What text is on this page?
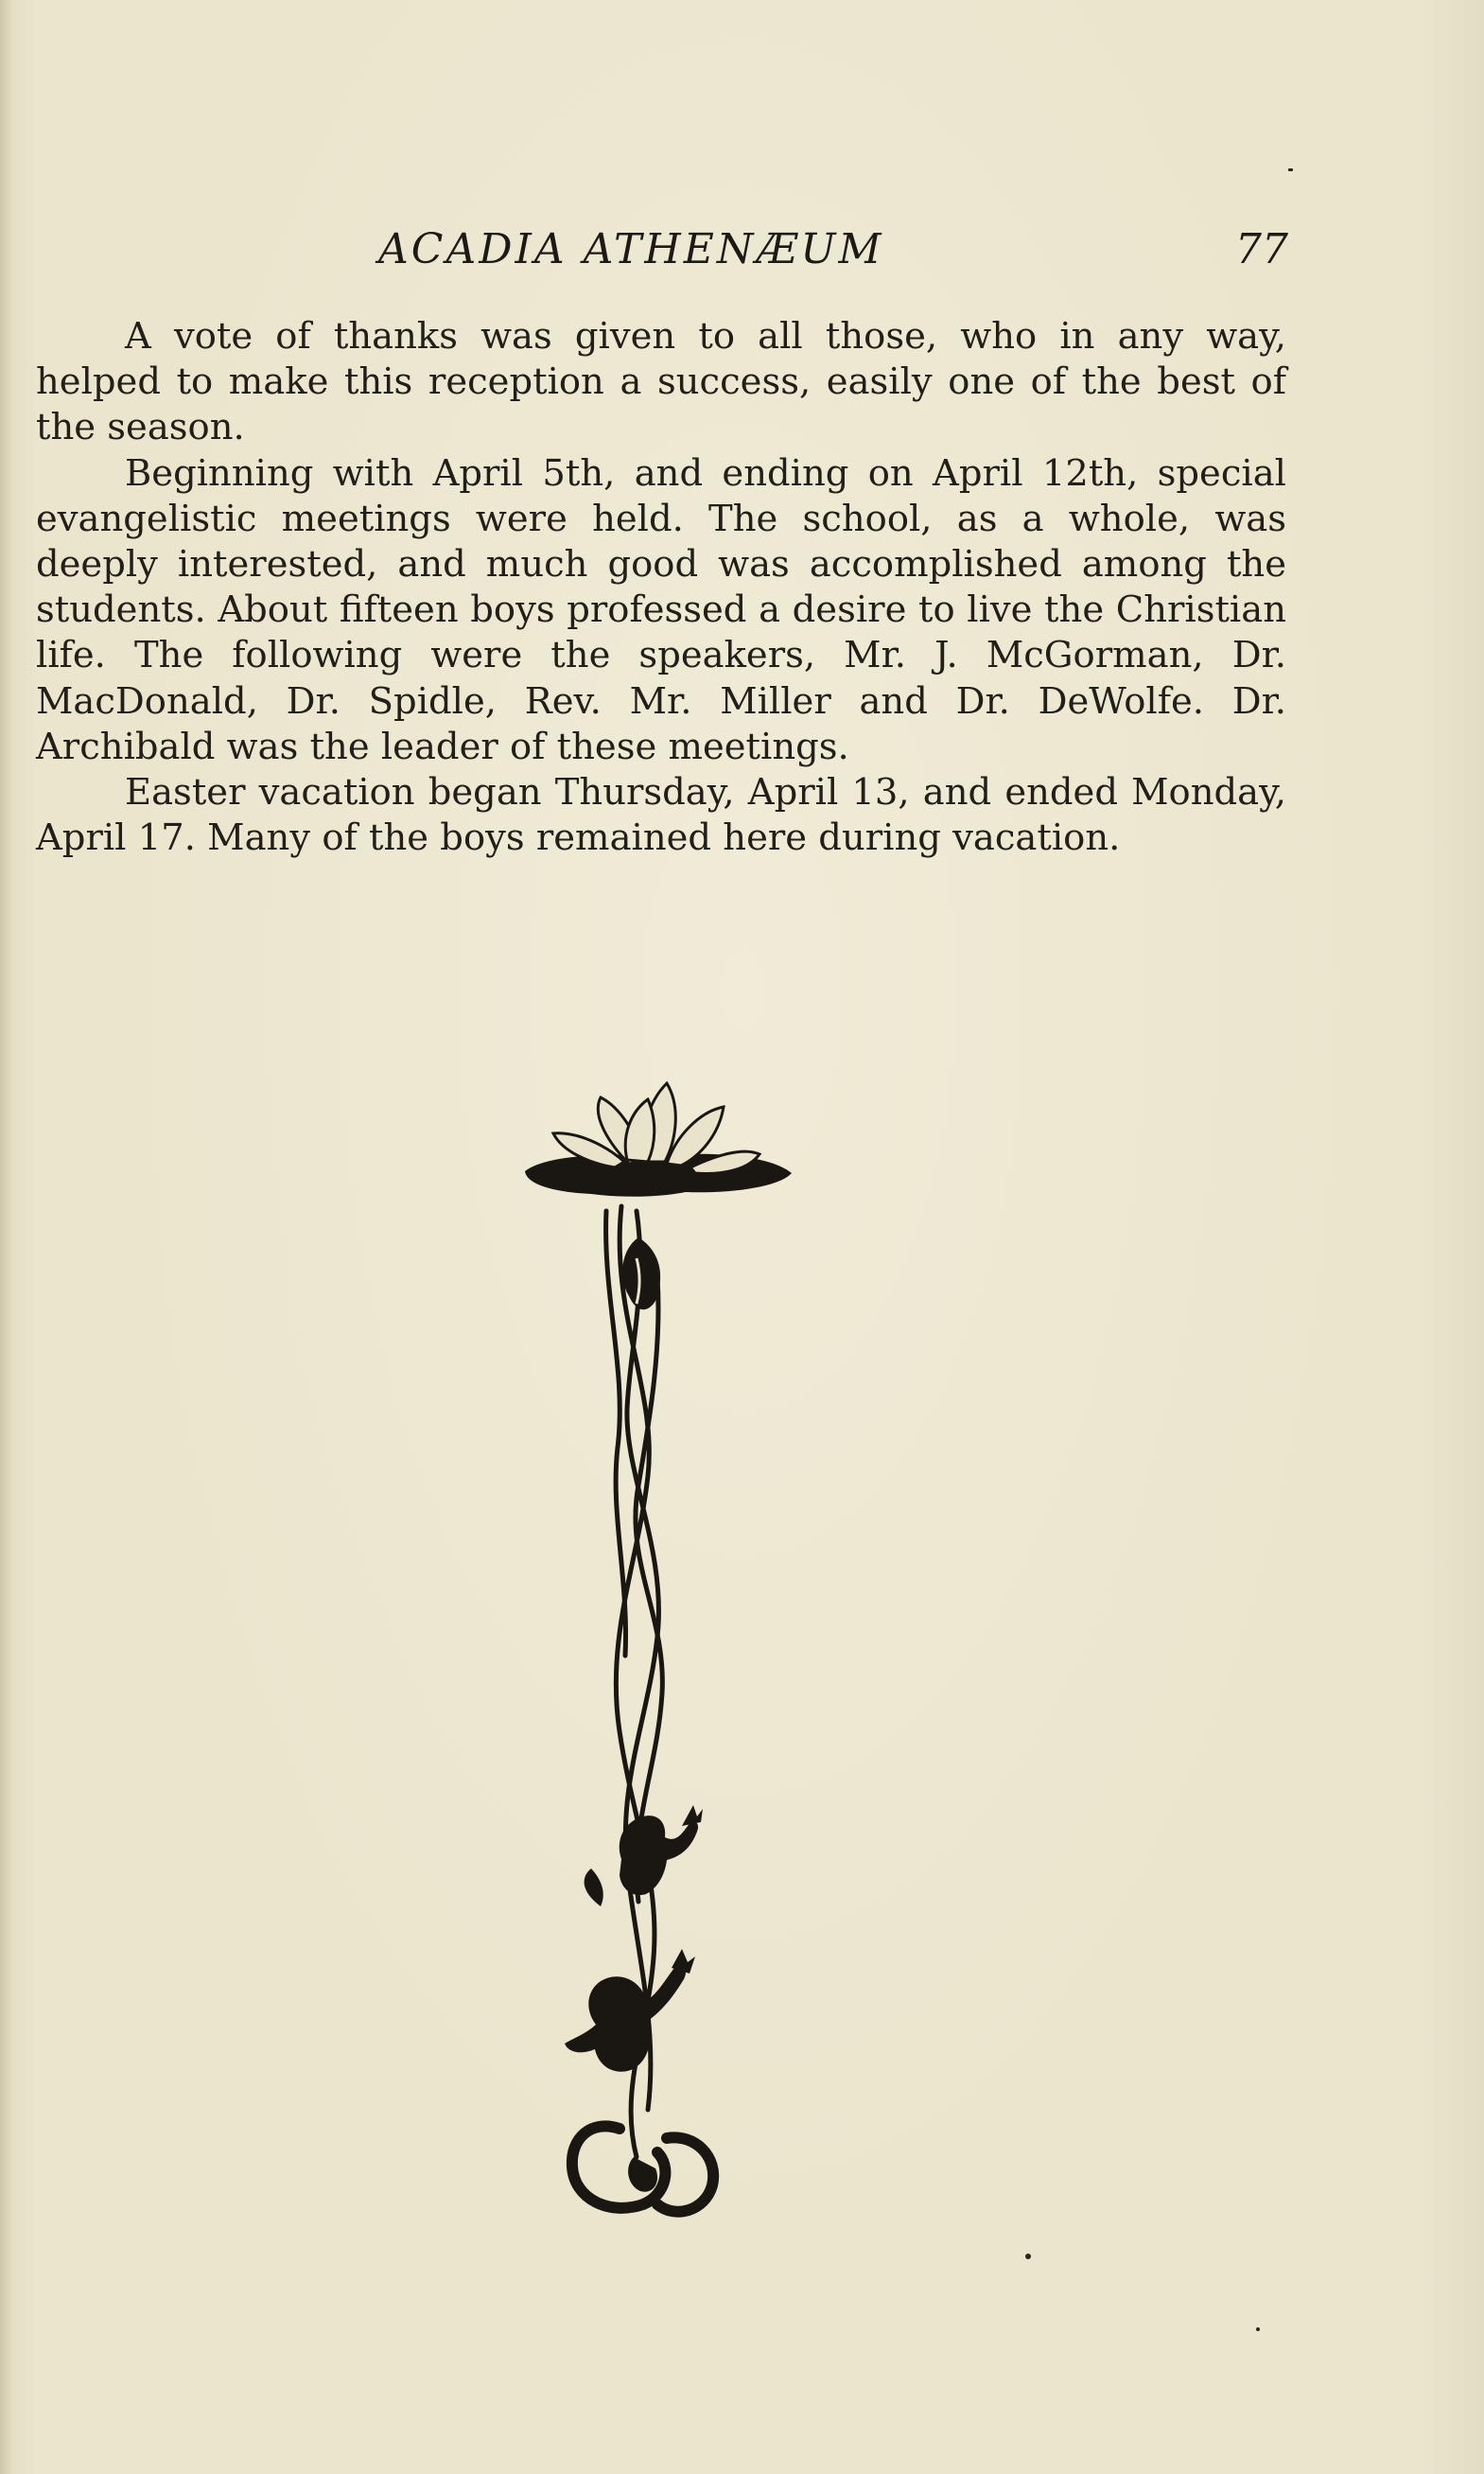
ACADIA ATHENÆUM	77

A vote of thanks was given to all those, who in any way, helped to make this reception a success, easily one of the best of the season.

Beginning with April 5th, and ending on April 12th, special evangelistic meetings were held. The school, as a whole, was deeply interested, and much good was accomplished among the students. About fifteen boys professed a desire to live the Christian life. The following were the speakers, Mr. J. McGorman, Dr. MacDonald, Dr. Spidle, Rev. Mr. Miller and Dr. DeWolfe. Dr. Archibald was the leader of these meetings.

Easter vacation began Thursday, April 13, and ended Monday, April 17. Many of the boys remained here during vacation.
